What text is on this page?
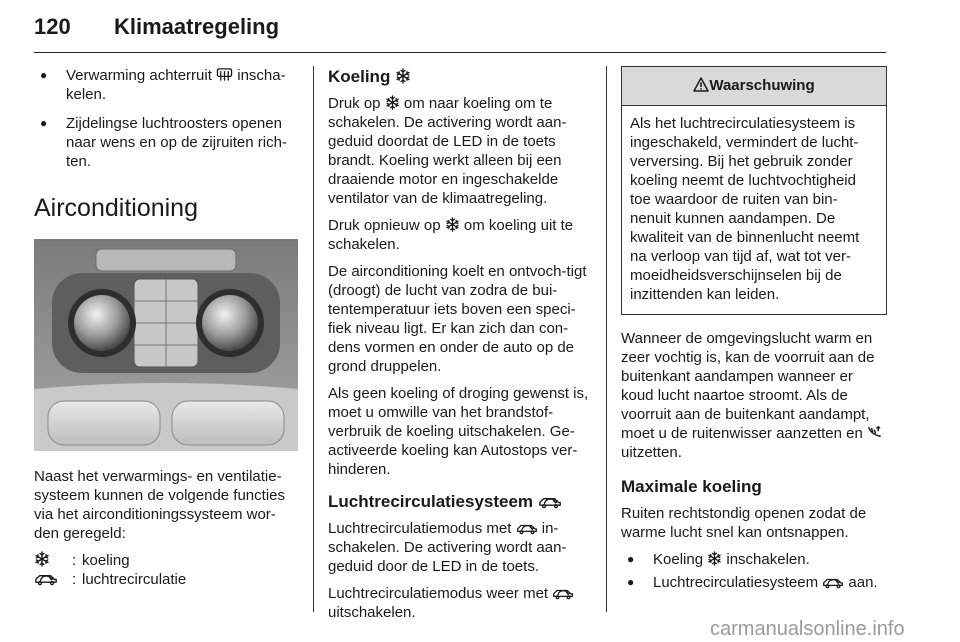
120 Klimaatregeling
● Verwarming achterruit  inscha-kelen.
● Zijdelingse luchtroosters openen naar wens en op de zijruiten rich-ten.
Airconditioning

Naast het verwarmings- en ventilatie-systeem kunnen de volgende functies via het airconditioningssysteem wor-den geregeld:

: koeling
: luchtrecirculatie
Koeling

Druk op  om naar koeling om te schakelen. De activering wordt aan-geduid doordat de LED in de toets brandt. Koeling werkt alleen bij een draaiende motor en ingeschakelde ventilator van de klimaatregeling.

Druk opnieuw op  om koeling uit te schakelen.

De airconditioning koelt en ontvoch-tigt (droogt) de lucht van zodra de bui-tentemperatuur iets boven een speci-fiek niveau ligt. Er kan zich dan con-dens vormen en onder de auto op de grond druppelen.

Als geen koeling of droging gewenst is, moet u omwille van het brandstof-verbruik de koeling uitschakelen. Ge-activeerde koeling kan Autostops ver-hinderen.

Luchtrecirculatiesysteem

Luchtrecirculatiemodus met  in-schakelen. De activering wordt aan-geduid door de LED in de toets.

Luchtrecirculatiemodus weer met  uitschakelen.

Waarschuwing
Als het luchtrecirculatiesysteem is ingeschakeld, vermindert de lucht-verversing. Bij het gebruik zonder koeling neemt de luchtvochtigheid toe waardoor de ruiten van bin-nenuit kunnen aandampen. De kwaliteit van de binnenlucht neemt na verloop van tijd af, wat tot ver-moeidheidsverschijnselen bij de inzittenden kan leiden.

Wanneer de omgevingslucht warm en zeer vochtig is, kan de voorruit aan de buitenkant aandampen wanneer er koud lucht naartoe stroomt. Als de voorruit aan de buitenkant aandampt, moet u de ruitenwisser aanzetten en  uitzetten.

Maximale koeling

Ruiten rechtstondig openen zodat de warme lucht snel kan ontsnappen.

● Koeling  inschakelen.
● Luchtrecirculatiesysteem  aan.
carmanualsonline.info
